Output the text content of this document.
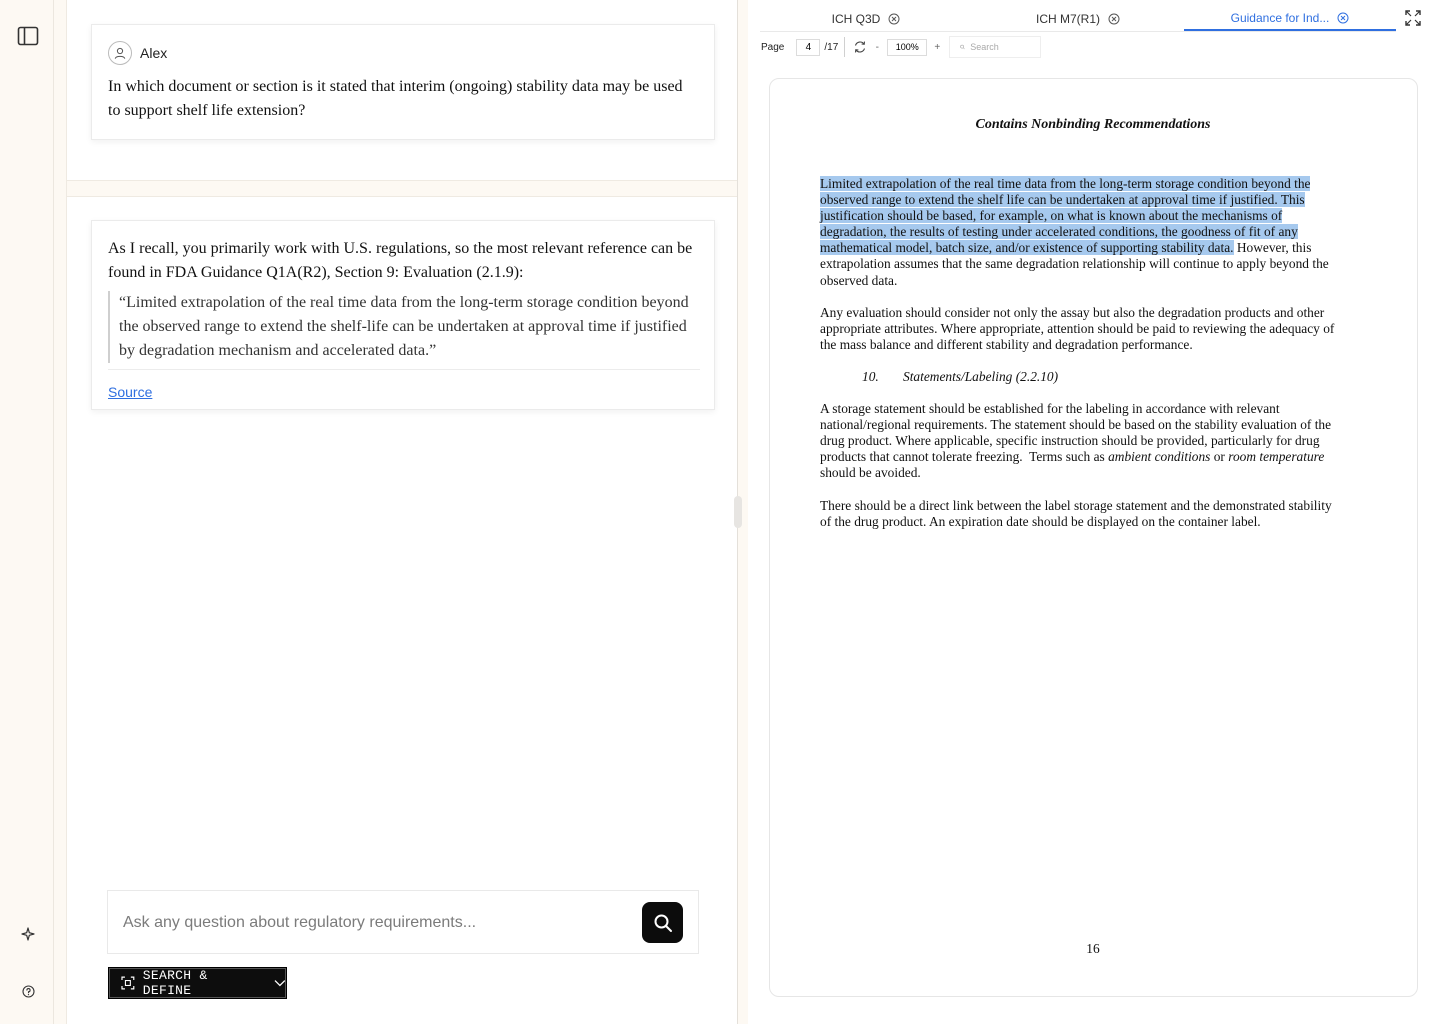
Alex

In which document or section is it stated that interim (ongoing) stability data may be used to support shelf life extension?

As I recall, you primarily work with U.S. regulations, so the most relevant reference can be found in FDA Guidance Q1A(R2), Section 9: Evaluation (2.1.9):

“Limited extrapolation of the real time data from the long-term storage condition beyond the observed range to extend the shelf-life can be undertaken at approval time if justified by degradation mechanism and accelerated data.”

Source
Ask any question about regulatory requirements...
SEARCH & DEFINE
ICH Q3D	ICH M7(R1)	Guidance for Ind...
Page
4	/17	-
100%	+
Search
Contains Nonbinding Recommendations
Limited extrapolation of the real time data from the long-term storage condition beyond the
observed range to extend the shelf life can be undertaken at approval time if justified. This
justification should be based, for example, on what is known about the mechanisms of
degradation, the results of testing under accelerated conditions, the goodness of fit of any
mathematical model, batch size, and/or existence of supporting stability data. However, this
extrapolation assumes that the same degradation relationship will continue to apply beyond the
observed data.
Any evaluation should consider not only the assay but also the degradation products and other
appropriate attributes. Where appropriate, attention should be paid to reviewing the adequacy of
the mass balance and different stability and degradation performance.
10. Statements/Labeling (2.2.10)
A storage statement should be established for the labeling in accordance with relevant
national/regional requirements. The statement should be based on the stability evaluation of the
drug product. Where applicable, specific instruction should be provided, particularly for drug
products that cannot tolerate freezing.  Terms such as ambient conditions or room temperature
should be avoided.
There should be a direct link between the label storage statement and the demonstrated stability
of the drug product. An expiration date should be displayed on the container label.
16
